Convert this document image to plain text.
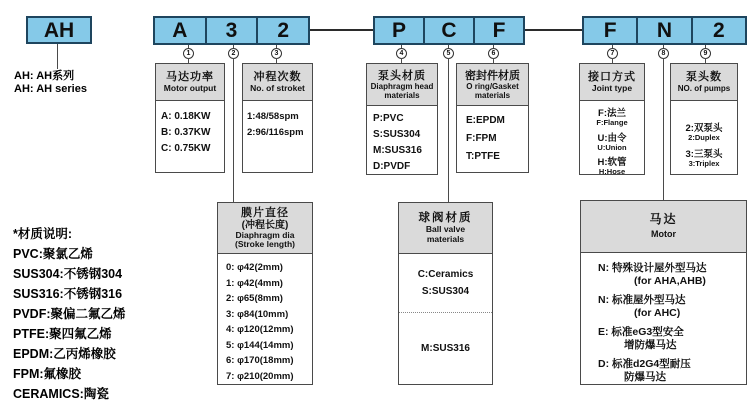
AH
AH: AH系列
AH: AH series
A	3	2	P	C	F	F	N	2
1	2	3	4	5	6	7	8	9
马达功率
Motor output
A: 0.18KW
B: 0.37KW
C: 0.75KW
冲程次数
No. of stroket
1:48/58spm
2:96/116spm
泵头材质
Diaphragm head
materials
P:PVC
S:SUS304
M:SUS316
D:PVDF
密封件材质
O ring/Gasket
materials
E:EPDM
F:FPM
T:PTFE
接口方式
Joint type
F:法兰
F:Flange
U:由令
U:Union
H:软管
H:Hose
泵头数
NO. of pumps
2:双泵头
2:Duplex
3:三泵头
3:Triplex
膜片直径
(冲程长度)
Diaphragm dia
(Stroke length)
0: φ42(2mm)
1: φ42(4mm)
2: φ65(8mm)
3: φ84(10mm)
4: φ120(12mm)
5: φ144(14mm)
6: φ170(18mm)
7: φ210(20mm)
球阀材质
Ball valve
materials
C:Ceramics
S:SUS304
M:SUS316
马达
Motor
N: 特殊设计屋外型马达
(for AHA,AHB)
N: 标准屋外型马达
(for AHC)
E: 标准eG3型安全
增防爆马达
D: 标准d2G4型耐压
防爆马达
*材质说明:
PVC:聚氯乙烯
SUS304:不锈钢304
SUS316:不锈钢316
PVDF:聚偏二氟乙烯
PTFE:聚四氟乙烯
EPDM:乙丙烯橡胶
FPM:氟橡胶
CERAMICS:陶瓷
